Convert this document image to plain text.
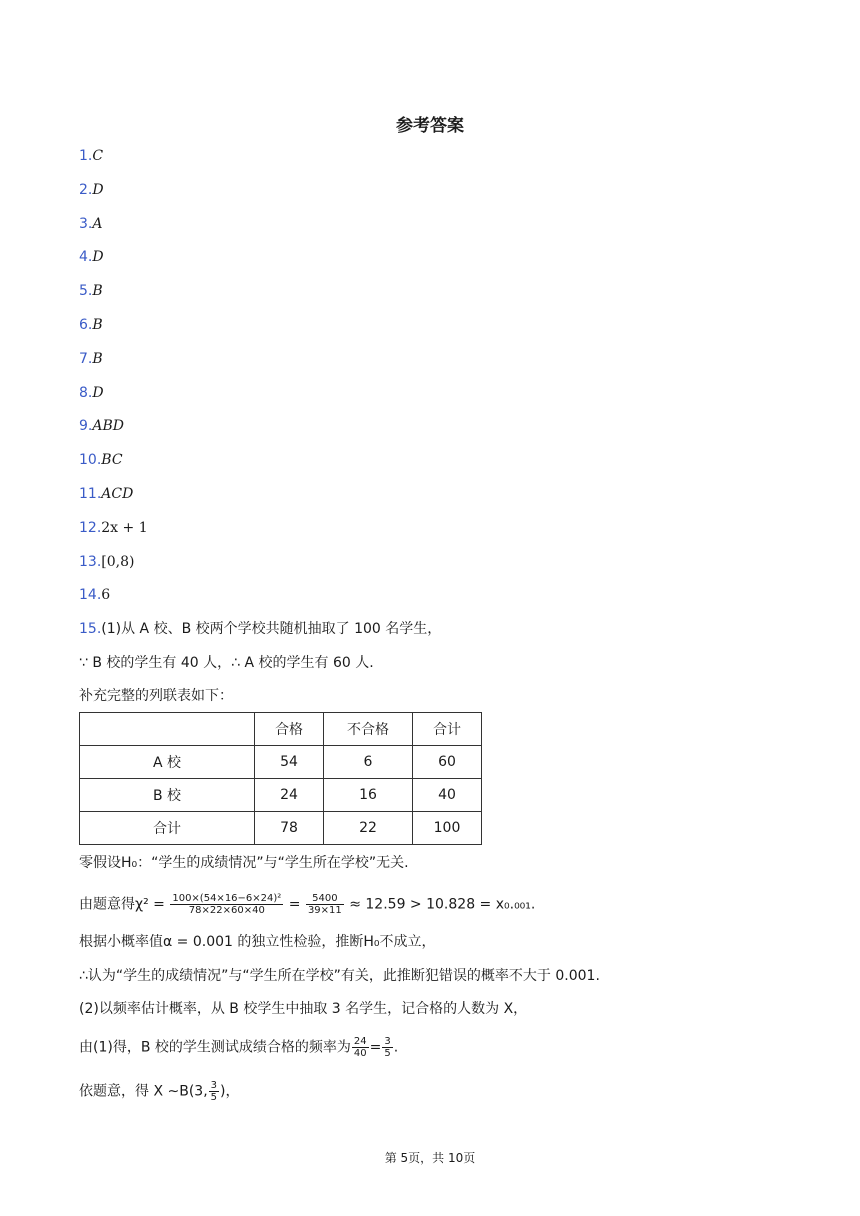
参考答案
1.C
2.D
3.A
4.D
5.B
6.B
7.B
8.D
9.ABD
10.BC
11.ACD
12.2x + 1
13.[0,8)
14.6
15.(1)从 A 校、B 校两个学校共随机抽取了 100 名学生，
∵ B 校的学生有 40 人，∴ A 校的学生有 60 人.
补充完整的列联表如下：
	合格	不合格	合计
A 校	54	6	60
B 校	24	16	40
合计	78	22	100
零假设H₀：“学生的成绩情况”与“学生所在学校”无关.
由题意得$\chi^2 = \frac{\text{100×(54×16−6×24)²}}{78\times 22\times 60\times 40} = \frac{5400}{39\times 11} \approx 12.59 > 10.828 = x_0._{001}$.
根据小概率值α = 0.001 的独立性检验，推断H₀不成立，
∴认为“学生的成绩情况”与“学生所在学校”有关，此推断犯错误的概率不大于 0.001.
(2)以频率估计概率，从 B 校学生中抽取 3 名学生，记合格的人数为 X，
由(1)得，B 校的学生测试成绩合格的频率为 $\frac{24}{40} = \frac{3}{5}$ .
依题意，得 X ∼B(3, $\frac{3}{5}$ )，
第 5页，共 10页
